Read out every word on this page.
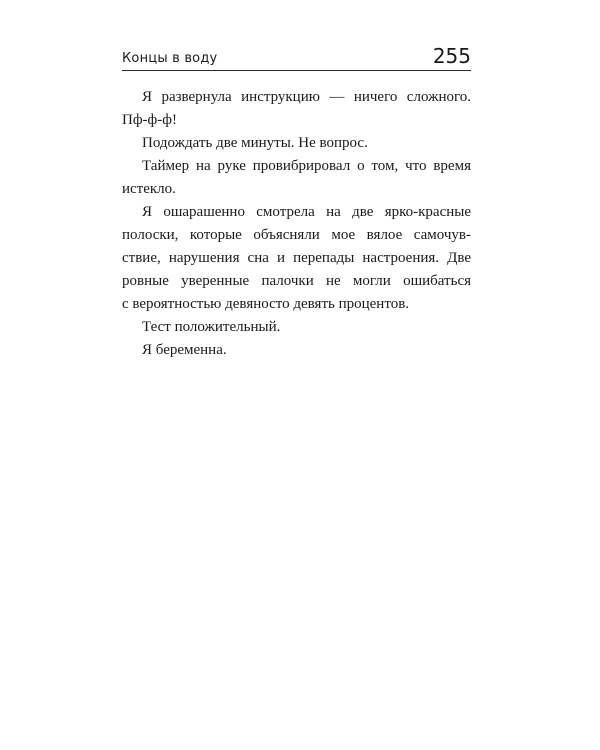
Концы в воду	255

Я развернула инструкцию — ничего сложного.
Пф-ф-ф!

Подождать две минуты. Не вопрос.

Таймер на руке провибрировал о том, что время
истекло.

Я ошарашенно смотрела на две ярко-красные
полоски, которые объясняли мое вялое самочув-
ствие, нарушения сна и перепады настроения. Две
ровные уверенные палочки не могли ошибаться
с вероятностью девяносто девять процентов.

Тест положительный.

Я беременна.
